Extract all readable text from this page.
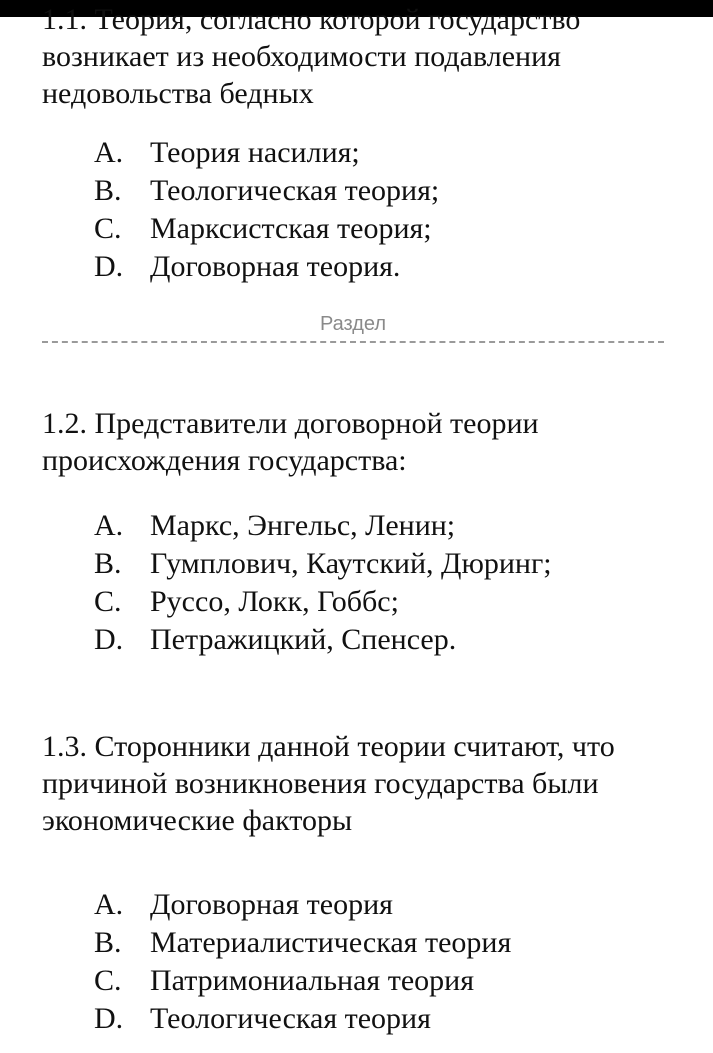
1.1. Теория, согласно которой государство возникает из необходимости подавления недовольства бедных

A. Теория насилия;
B. Теологическая теория;
C. Марксистская теория;
D. Договорная теория.
Раздел

1.2. Представители договорной теории происхождения государства:

A. Маркс, Энгельс, Ленин;
B. Гумплович, Каутский, Дюринг;
C. Руссо, Локк, Гоббс;
D. Петражицкий, Спенсер.

1.3. Сторонники данной теории считают, что причиной возникновения государства были экономические факторы

A. Договорная теория
B. Материалистическая теория
C. Патримониальная теория
D. Теологическая теория
